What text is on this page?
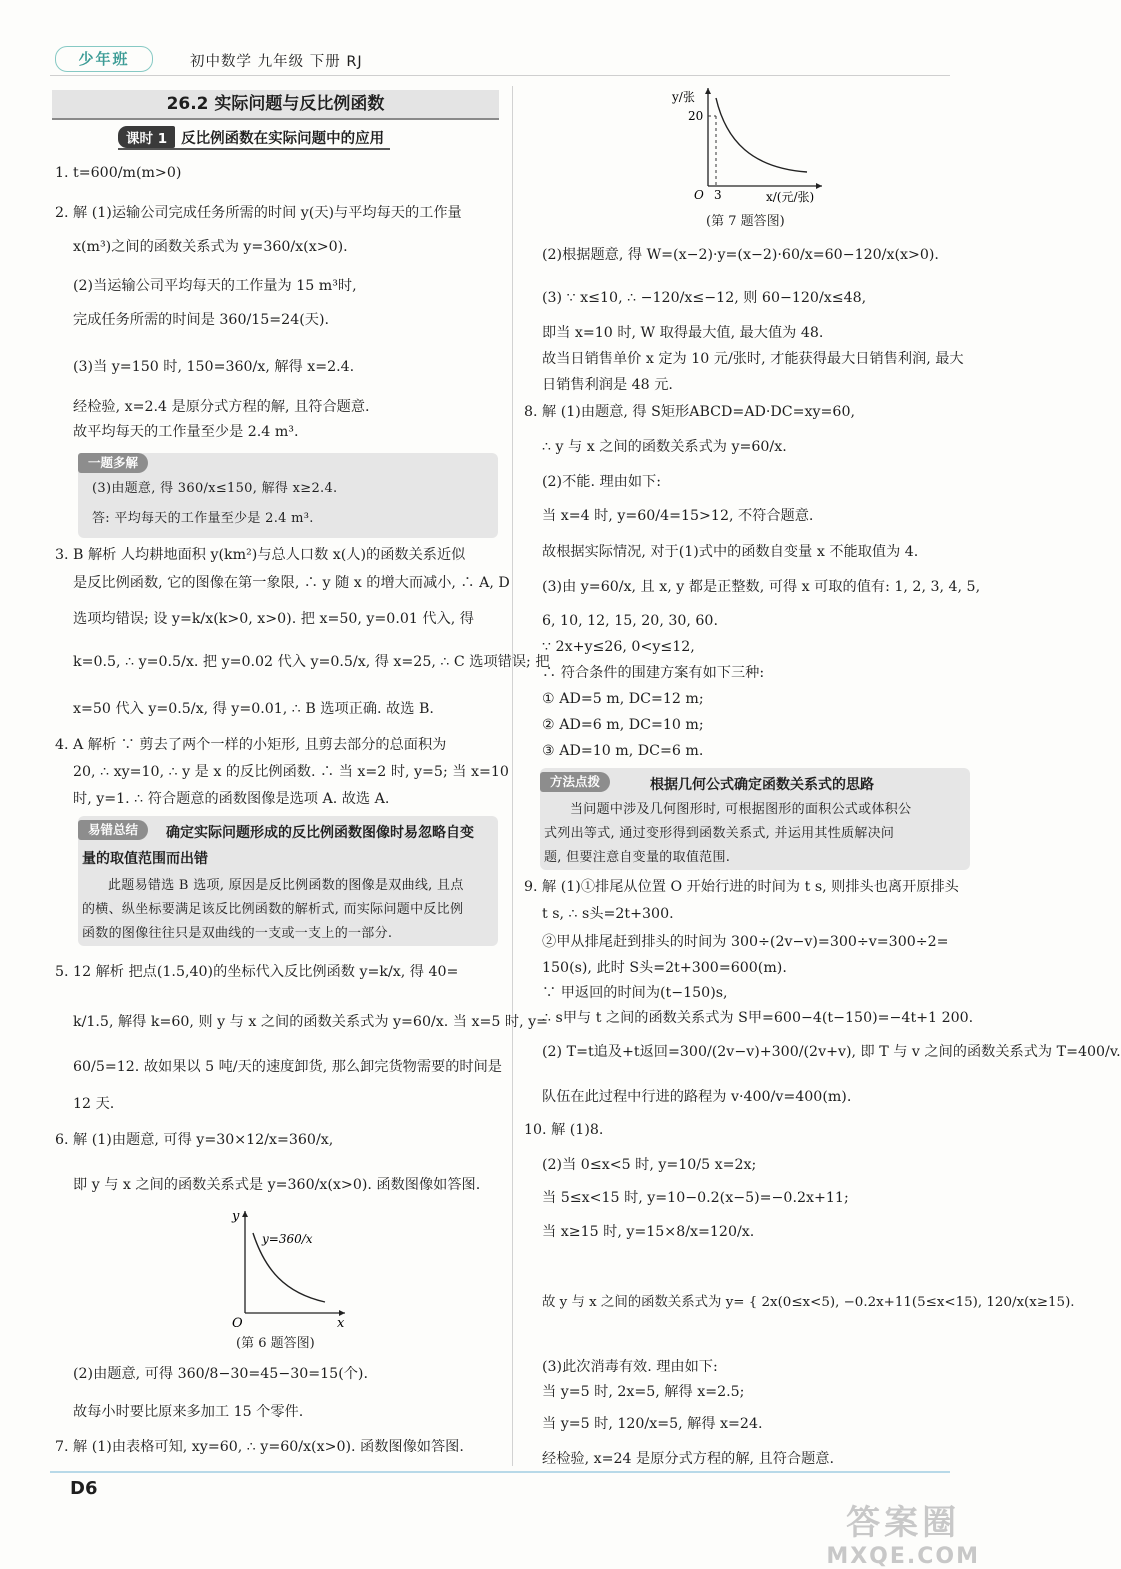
少年班	初中数学 九年级 下册 RJ
26.2 实际问题与反比例函数
课时 1 反比例函数在实际问题中的应用
1. t=600/m(m>0)
2. 解 (1)运输公司完成任务所需的时间 y(天)与平均每天的工作量
x(m³)之间的函数关系式为 y=360/x(x>0).
(2)当运输公司平均每天的工作量为 15 m³时,
完成任务所需的时间是 360/15=24(天).
(3)当 y=150 时, 150=360/x, 解得 x=2.4.
经检验, x=2.4 是原分式方程的解, 且符合题意.
故平均每天的工作量至少是 2.4 m³.
一题多解
(3)由题意, 得 360/x≤150, 解得 x≥2.4.
答: 平均每天的工作量至少是 2.4 m³.
3. B 解析 人均耕地面积 y(km²)与总人口数 x(人)的函数关系近似
是反比例函数, 它的图像在第一象限, ∴ y 随 x 的增大而减小, ∴ A, D
选项均错误; 设 y=k/x(k>0, x>0). 把 x=50, y=0.01 代入, 得
k=0.5, ∴ y=0.5/x. 把 y=0.02 代入 y=0.5/x, 得 x=25, ∴ C 选项错误; 把
x=50 代入 y=0.5/x, 得 y=0.01, ∴ B 选项正确. 故选 B.
4. A 解析 ∵ 剪去了两个一样的小矩形, 且剪去部分的总面积为
20, ∴ xy=10, ∴ y 是 x 的反比例函数. ∴ 当 x=2 时, y=5; 当 x=10
时, y=1. ∴ 符合题意的函数图像是选项 A. 故选 A.
易错总结	确定实际问题形成的反比例函数图像时易忽略自变
量的取值范围而出错
此题易错选 B 选项, 原因是反比例函数的图像是双曲线, 且点
的横、纵坐标要满足该反比例函数的解析式, 而实际问题中反比例
函数的图像往往只是双曲线的一支或一支上的一部分.
5. 12 解析 把点(1.5,40)的坐标代入反比例函数 y=k/x, 得 40=
k/1.5, 解得 k=60, 则 y 与 x 之间的函数关系式为 y=60/x. 当 x=5 时, y=
60/5=12. 故如果以 5 吨/天的速度卸货, 那么卸完货物需要的时间是
12 天.
6. 解 (1)由题意, 可得 y=30×12/x=360/x,
即 y 与 x 之间的函数关系式是 y=360/x(x>0). 函数图像如答图.
y
x
O
y=360/x
(第 6 题答图)
(2)由题意, 可得 360/8−30=45−30=15(个).
故每小时要比原来多加工 15 个零件.
7. 解 (1)由表格可知, xy=60, ∴ y=60/x(x>0). 函数图像如答图.
y/张
20
O 3	x/(元/张)
(第 7 题答图)
(2)根据题意, 得 W=(x−2)·y=(x−2)·60/x=60−120/x(x>0).
(3) ∵ x≤10, ∴ −120/x≤−12, 则 60−120/x≤48,
即当 x=10 时, W 取得最大值, 最大值为 48.
故当日销售单价 x 定为 10 元/张时, 才能获得最大日销售利润, 最大
日销售利润是 48 元.
8. 解 (1)由题意, 得 S矩形ABCD=AD·DC=xy=60,
∴ y 与 x 之间的函数关系式为 y=60/x.
(2)不能. 理由如下:
当 x=4 时, y=60/4=15>12, 不符合题意.
故根据实际情况, 对于(1)式中的函数自变量 x 不能取值为 4.
(3)由 y=60/x, 且 x, y 都是正整数, 可得 x 可取的值有: 1, 2, 3, 4, 5,
6, 10, 12, 15, 20, 30, 60.
∵ 2x+y≤26, 0<y≤12,
∴ 符合条件的围建方案有如下三种:
① AD=5 m, DC=12 m;
② AD=6 m, DC=10 m;
③ AD=10 m, DC=6 m.
方法点拨	根据几何公式确定函数关系式的思路
当问题中涉及几何图形时, 可根据图形的面积公式或体积公
式列出等式, 通过变形得到函数关系式, 并运用其性质解决问
题, 但要注意自变量的取值范围.
9. 解 (1)①排尾从位置 O 开始行进的时间为 t s, 则排头也离开原排头
t s, ∴ s头=2t+300.
②甲从排尾赶到排头的时间为 300÷(2v−v)=300÷v=300÷2=
150(s), 此时 S头=2t+300=600(m).
∵ 甲返回的时间为(t−150)s,
∴ s甲与 t 之间的函数关系式为 S甲=600−4(t−150)=−4t+1 200.
(2) T=t追及+t返回=300/(2v−v)+300/(2v+v), 即 T 与 v 之间的函数关系式为 T=400/v.
队伍在此过程中行进的路程为 v·400/v=400(m).
10. 解 (1)8.
(2)当 0≤x<5 时, y=10/5 x=2x;
当 5≤x<15 时, y=10−0.2(x−5)=−0.2x+11;
当 x≥15 时, y=15×8/x=120/x.
故 y 与 x 之间的函数关系式为 y= { 2x(0≤x<5), −0.2x+11(5≤x<15), 120/x(x≥15).
(3)此次消毒有效. 理由如下:
当 y=5 时, 2x=5, 解得 x=2.5;
当 y=5 时, 120/x=5, 解得 x=24.
经检验, x=24 是原分式方程的解, 且符合题意.
D6
答案圈
MXQE.COM
